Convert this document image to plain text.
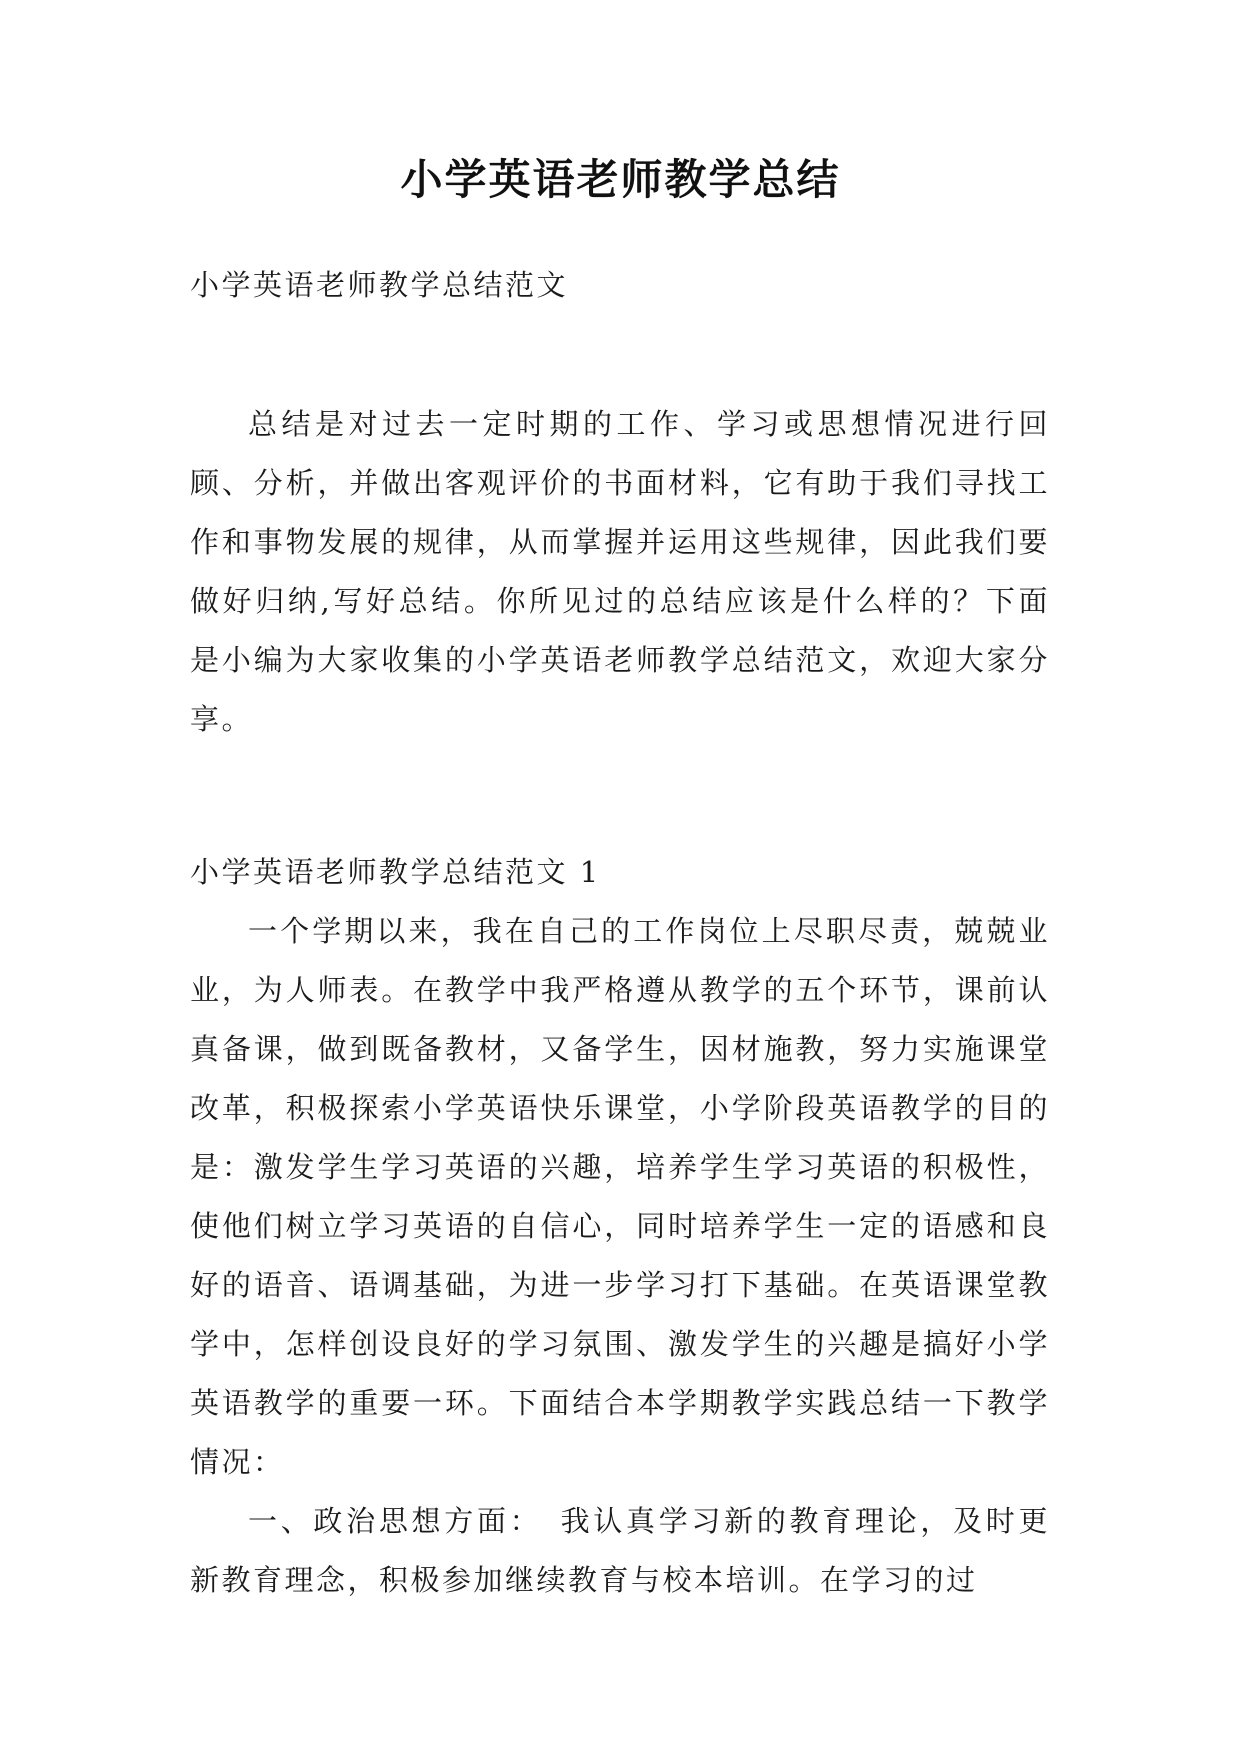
小学英语老师教学总结

小学英语老师教学总结范文

总结是对过去一定时期的工作、学习或思想情况进行回顾、分析，并做出客观评价的书面材料，它有助于我们寻找工作和事物发展的规律，从而掌握并运用这些规律，因此我们要做好归纳,写好总结。你所见过的总结应该是什么样的？下面是小编为大家收集的小学英语老师教学总结范文，欢迎大家分享。

小学英语老师教学总结范文 1

一个学期以来，我在自己的工作岗位上尽职尽责，兢兢业业，为人师表。在教学中我严格遵从教学的五个环节，课前认真备课，做到既备教材，又备学生，因材施教，努力实施课堂改革，积极探索小学英语快乐课堂，小学阶段英语教学的目的是：激发学生学习英语的兴趣，培养学生学习英语的积极性，使他们树立学习英语的自信心，同时培养学生一定的语感和良好的语音、语调基础，为进一步学习打下基础。在英语课堂教学中，怎样创设良好的学习氛围、激发学生的兴趣是搞好小学英语教学的重要一环。下面结合本学期教学实践总结一下教学情况：

一、政治思想方面：　我认真学习新的教育理论，及时更新教育理念，积极参加继续教育与校本培训。在学习的过
